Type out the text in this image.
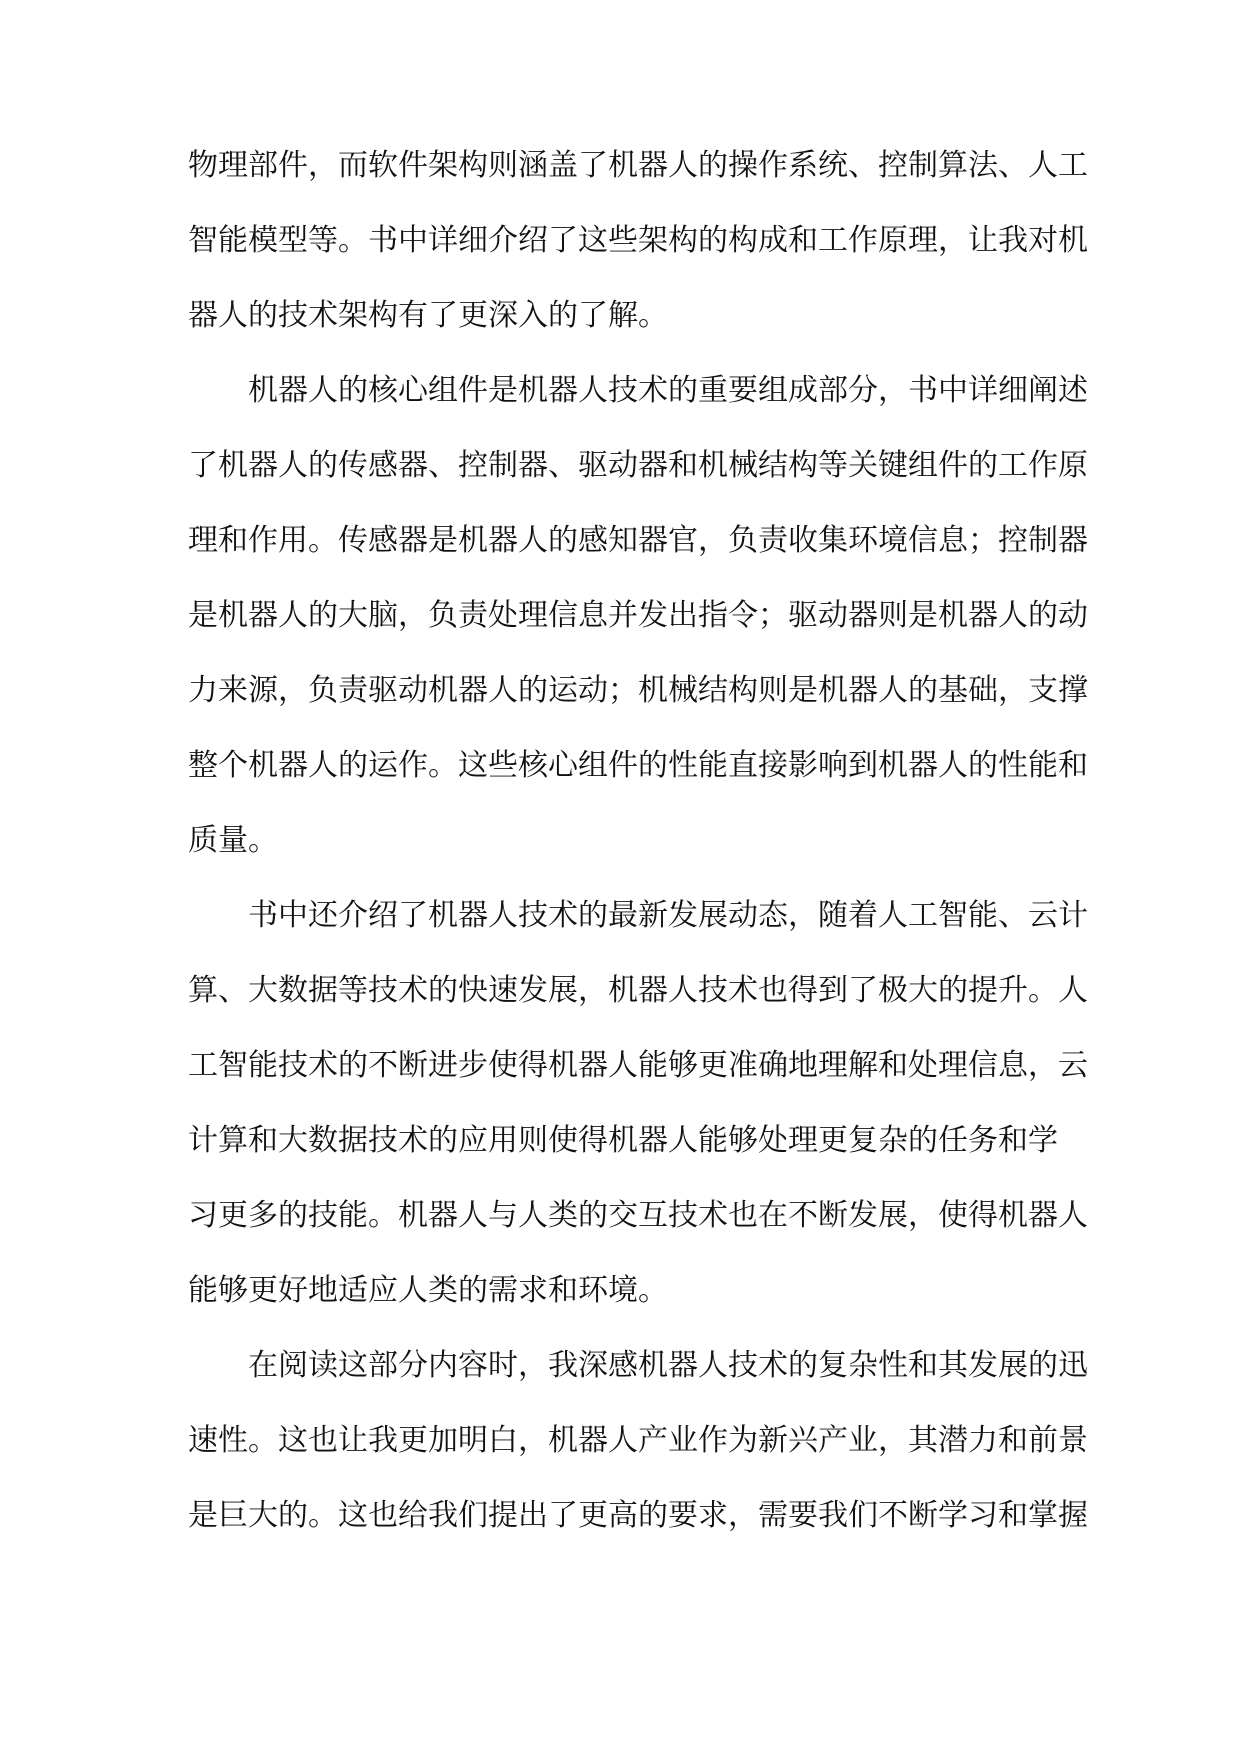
物理部件，而软件架构则涵盖了机器人的操作系统、控制算法、人工
智能模型等。书中详细介绍了这些架构的构成和工作原理，让我对机
器人的技术架构有了更深入的了解。
机器人的核心组件是机器人技术的重要组成部分，书中详细阐述
了机器人的传感器、控制器、驱动器和机械结构等关键组件的工作原
理和作用。传感器是机器人的感知器官，负责收集环境信息；控制器
是机器人的大脑，负责处理信息并发出指令；驱动器则是机器人的动
力来源，负责驱动机器人的运动；机械结构则是机器人的基础，支撑
整个机器人的运作。这些核心组件的性能直接影响到机器人的性能和
质量。
书中还介绍了机器人技术的最新发展动态，随着人工智能、云计
算、大数据等技术的快速发展，机器人技术也得到了极大的提升。人
工智能技术的不断进步使得机器人能够更准确地理解和处理信息，云
计算和大数据技术的应用则使得机器人能够处理更复杂的任务和学
习更多的技能。机器人与人类的交互技术也在不断发展，使得机器人
能够更好地适应人类的需求和环境。
在阅读这部分内容时，我深感机器人技术的复杂性和其发展的迅
速性。这也让我更加明白，机器人产业作为新兴产业，其潜力和前景
是巨大的。这也给我们提出了更高的要求，需要我们不断学习和掌握
